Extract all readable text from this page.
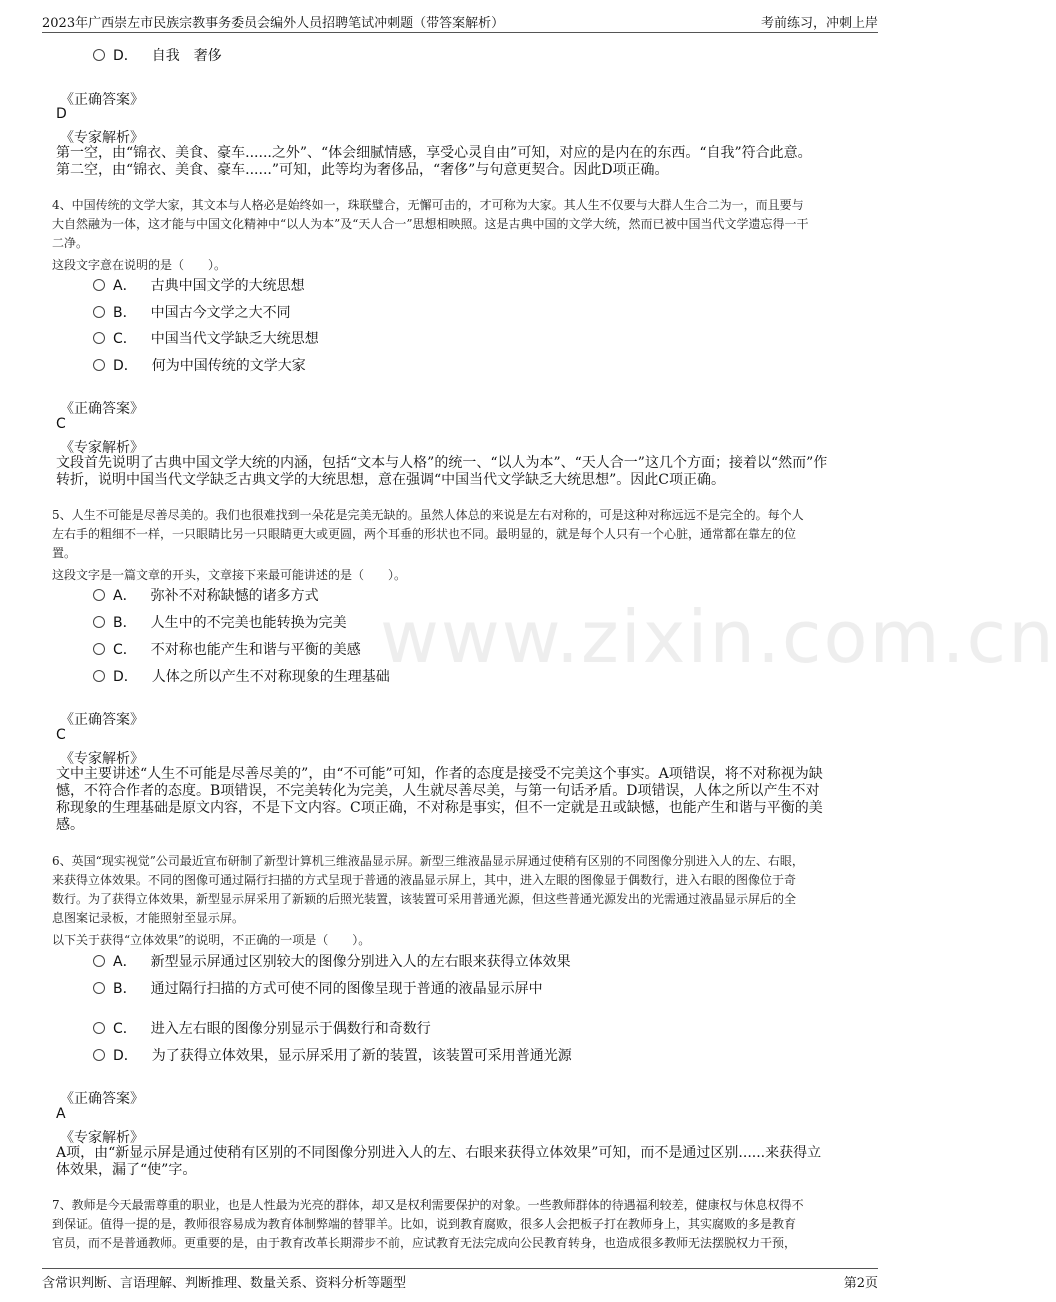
2023年广西崇左市民族宗教事务委员会编外人员招聘笔试冲刺题（带答案解析）	考前练习，冲刺上岸
www.zixin.com.cn
D． 自我　奢侈
《正确答案》
D
《专家解析》
第一空，由“锦衣、美食、豪车......之外”、“体会细腻情感，享受心灵自由”可知，对应的是内在的东西。“自我”符合此意。
第二空，由“锦衣、美食、豪车......”可知，此等均为奢侈品，“奢侈”与句意更契合。因此D项正确。
4、中国传统的文学大家，其文本与人格必是始终如一，珠联璧合，无懈可击的，才可称为大家。其人生不仅要与大群人生合二为一，而且要与
大自然融为一体，这才能与中国文化精神中“以人为本”及“天人合一”思想相映照。这是古典中国的文学大统，然而已被中国当代文学遗忘得一干
二净。
这段文字意在说明的是（　　）。
A． 古典中国文学的大统思想
B． 中国古今文学之大不同
C． 中国当代文学缺乏大统思想
D． 何为中国传统的文学大家
《正确答案》
C
《专家解析》
文段首先说明了古典中国文学大统的内涵，包括“文本与人格”的统一、“以人为本”、“天人合一”这几个方面；接着以“然而”作
转折，说明中国当代文学缺乏古典文学的大统思想，意在强调“中国当代文学缺乏大统思想”。因此C项正确。
5、人生不可能是尽善尽美的。我们也很难找到一朵花是完美无缺的。虽然人体总的来说是左右对称的，可是这种对称远远不是完全的。每个人
左右手的粗细不一样，一只眼睛比另一只眼睛更大或更圆，两个耳垂的形状也不同。最明显的，就是每个人只有一个心脏，通常都在靠左的位
置。
这段文字是一篇文章的开头，文章接下来最可能讲述的是（　　）。
A． 弥补不对称缺憾的诸多方式
B． 人生中的不完美也能转换为完美
C． 不对称也能产生和谐与平衡的美感
D． 人体之所以产生不对称现象的生理基础
《正确答案》
C
《专家解析》
文中主要讲述“人生不可能是尽善尽美的”，由“不可能”可知，作者的态度是接受不完美这个事实。A项错误，将不对称视为缺
憾，不符合作者的态度。B项错误，不完美转化为完美，人生就尽善尽美，与第一句话矛盾。D项错误，人体之所以产生不对
称现象的生理基础是原文内容，不是下文内容。C项正确，不对称是事实，但不一定就是丑或缺憾，也能产生和谐与平衡的美
感。
6、英国“现实视觉”公司最近宣布研制了新型计算机三维液晶显示屏。新型三维液晶显示屏通过使稍有区别的不同图像分别进入人的左、右眼，
来获得立体效果。不同的图像可通过隔行扫描的方式呈现于普通的液晶显示屏上，其中，进入左眼的图像显于偶数行，进入右眼的图像位于奇
数行。为了获得立体效果，新型显示屏采用了新颖的后照光装置，该装置可采用普通光源，但这些普通光源发出的光需通过液晶显示屏后的全
息图案记录板，才能照射至显示屏。
以下关于获得“立体效果”的说明，不正确的一项是（　　）。
A． 新型显示屏通过区别较大的图像分别进入人的左右眼来获得立体效果
B． 通过隔行扫描的方式可使不同的图像呈现于普通的液晶显示屏中
C． 进入左右眼的图像分别显示于偶数行和奇数行
D． 为了获得立体效果，显示屏采用了新的装置，该装置可采用普通光源
《正确答案》
A
《专家解析》
A项，由“新显示屏是通过使稍有区别的不同图像分别进入人的左、右眼来获得立体效果”可知，而不是通过区别......来获得立
体效果，漏了“使”字。
7、教师是今天最需尊重的职业，也是人性最为光亮的群体，却又是权利需要保护的对象。一些教师群体的待遇福利较差，健康权与休息权得不
到保证。值得一提的是，教师很容易成为教育体制弊端的替罪羊。比如，说到教育腐败，很多人会把板子打在教师身上，其实腐败的多是教育
官员，而不是普通教师。更重要的是，由于教育改革长期滞步不前，应试教育无法完成向公民教育转身，也造成很多教师无法摆脱权力干预，
含常识判断、言语理解、判断推理、数量关系、资料分析等题型	第2页
